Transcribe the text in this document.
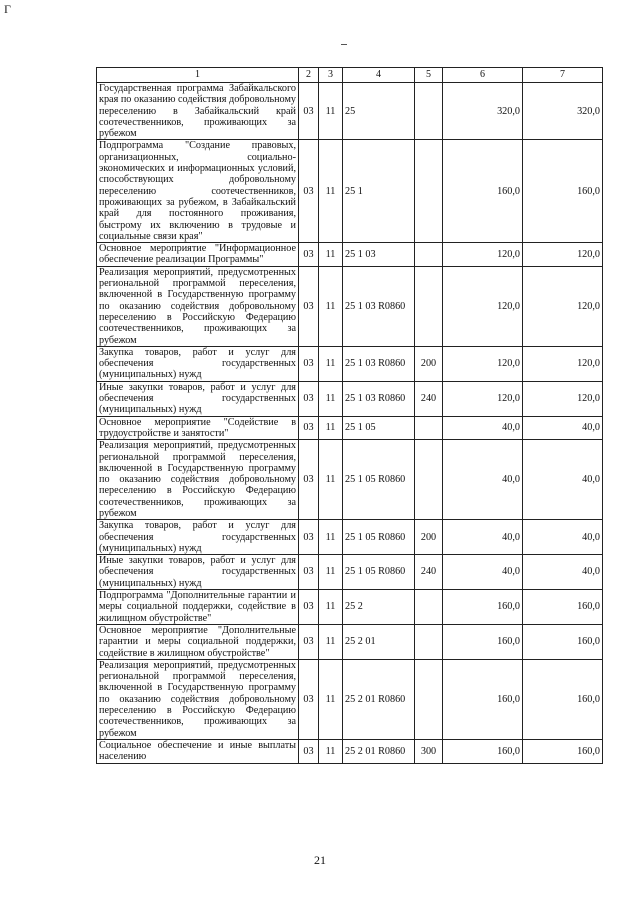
Г
1	2	3	4	5	6	7
Государственная программа Забайкальского края по оказанию содействия добровольному переселению в Забайкальский край соотечественников, проживающих за рубежом	03	11	25		320,0	320,0
Подпрограмма "Создание правовых, организационных, социально-экономических и информационных условий, способствующих добровольному переселению соотечественников, проживающих за рубежом, в Забайкальский край для постоянного проживания, быстрому их включению в трудовые и социальные связи края"	03	11	25 1		160,0	160,0
Основное мероприятие "Информационное обеспечение реализации Программы"	03	11	25 1 03		120,0	120,0
Реализация мероприятий, предусмотренных региональной программой переселения, включенной в Государственную программу по оказанию содействия добровольному переселению в Российскую Федерацию соотечественников, проживающих за рубежом	03	11	25 1 03 R0860		120,0	120,0
Закупка товаров, работ и услуг для обеспечения государственных (муниципальных) нужд	03	11	25 1 03 R0860	200	120,0	120,0
Иные закупки товаров, работ и услуг для обеспечения государственных (муниципальных) нужд	03	11	25 1 03 R0860	240	120,0	120,0
Основное мероприятие "Содействие в трудоустройстве и занятости"	03	11	25 1 05		40,0	40,0
Реализация мероприятий, предусмотренных региональной программой переселения, включенной в Государственную программу по оказанию содействия добровольному переселению в Российскую Федерацию соотечественников, проживающих за рубежом	03	11	25 1 05 R0860		40,0	40,0
Закупка товаров, работ и услуг для обеспечения государственных (муниципальных) нужд	03	11	25 1 05 R0860	200	40,0	40,0
Иные закупки товаров, работ и услуг для обеспечения государственных (муниципальных) нужд	03	11	25 1 05 R0860	240	40,0	40,0
Подпрограмма "Дополнительные гарантии и меры социальной поддержки, содействие в жилищном обустройстве"	03	11	25 2		160,0	160,0
Основное мероприятие "Дополнительные гарантии и меры социальной поддержки, содействие в жилищном обустройстве"	03	11	25 2 01		160,0	160,0
Реализация мероприятий, предусмотренных региональной программой переселения, включенной в Государственную программу по оказанию содействия добровольному переселению в Российскую Федерацию соотечественников, проживающих за рубежом	03	11	25 2 01 R0860		160,0	160,0
Социальное обеспечение и иные выплаты населению	03	11	25 2 01 R0860	300	160,0	160,0
21
